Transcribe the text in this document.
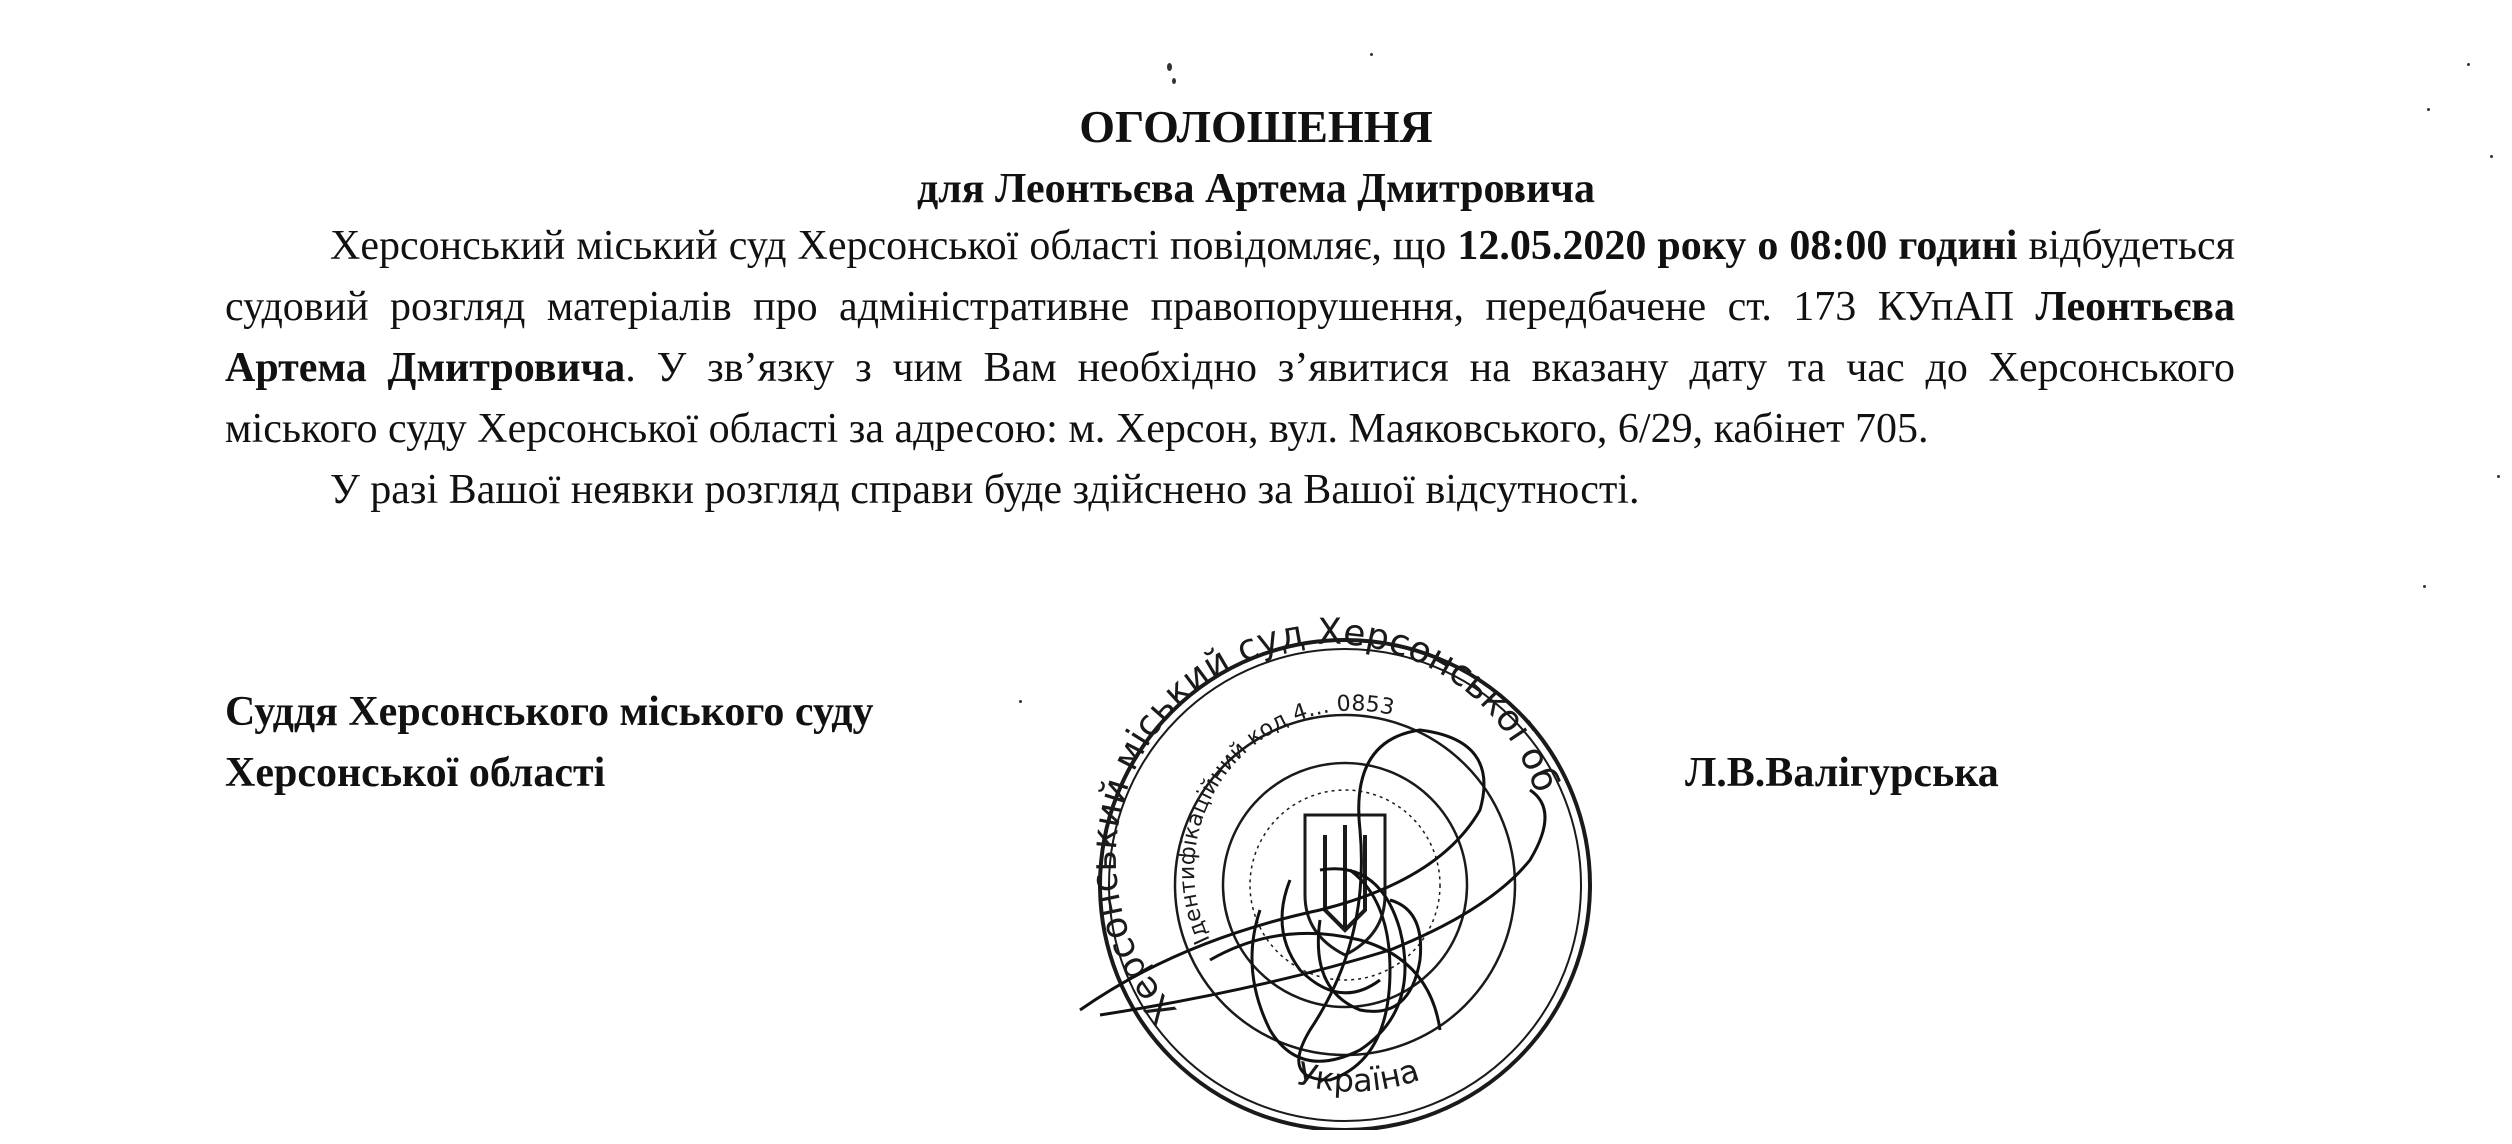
ОГОЛОШЕННЯ
для Леонтьєва Артема Дмитровича

Херсонський міський суд Херсонської області повідомляє, що 12.05.2020 року о 08:00 годині відбудеться судовий розгляд матеріалів про адміністративне правопорушення, передбачене ст. 173 КУпАП Леонтьєва Артема Дмитровича. У зв’язку з чим Вам необхідно з’явитися на вказану дату та час до Херсонського міського суду Херсонської області за адресою: м. Херсон, вул. Маяковського, 6/29, кабінет 705.

У разі Вашої неявки розгляд справи буде здійснено за Вашої відсутності.

Суддя Херсонського міського суду
Херсонської області	Л.В.Валігурська
Херсонський міський суд Херсонської об
Ідентифікаційний код 4… 0853
Україна
